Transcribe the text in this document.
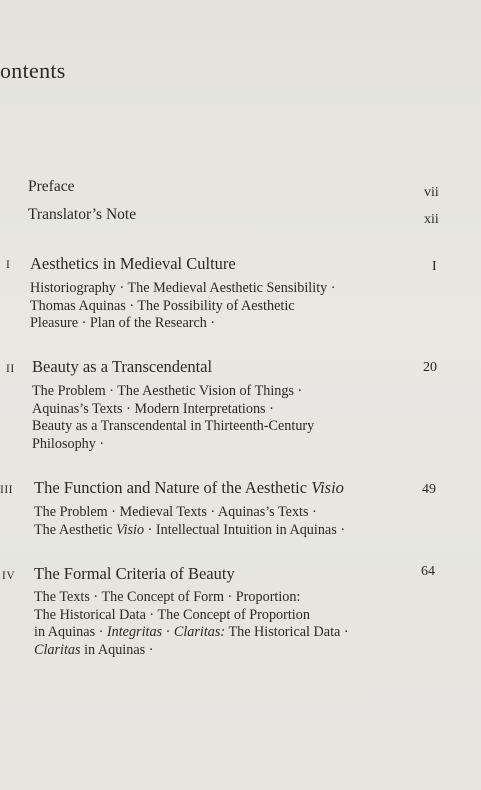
ontents
Preface	vii
Translator’s Note	xii
I Aesthetics in Medieval Culture	I
Historiography · The Medieval Aesthetic Sensibility ·
Thomas Aquinas · The Possibility of Aesthetic
Pleasure · Plan of the Research ·
II Beauty as a Transcendental	20
The Problem · The Aesthetic Vision of Things ·
Aquinas’s Texts · Modern Interpretations ·
Beauty as a Transcendental in Thirteenth-Century
Philosophy ·
III The Function and Nature of the Aesthetic Visio	49
The Problem · Medieval Texts · Aquinas’s Texts ·
The Aesthetic Visio · Intellectual Intuition in Aquinas ·
IV The Formal Criteria of Beauty	64
The Texts · The Concept of Form · Proportion:
The Historical Data · The Concept of Proportion
in Aquinas · Integritas · Claritas: The Historical Data ·
Claritas in Aquinas ·
